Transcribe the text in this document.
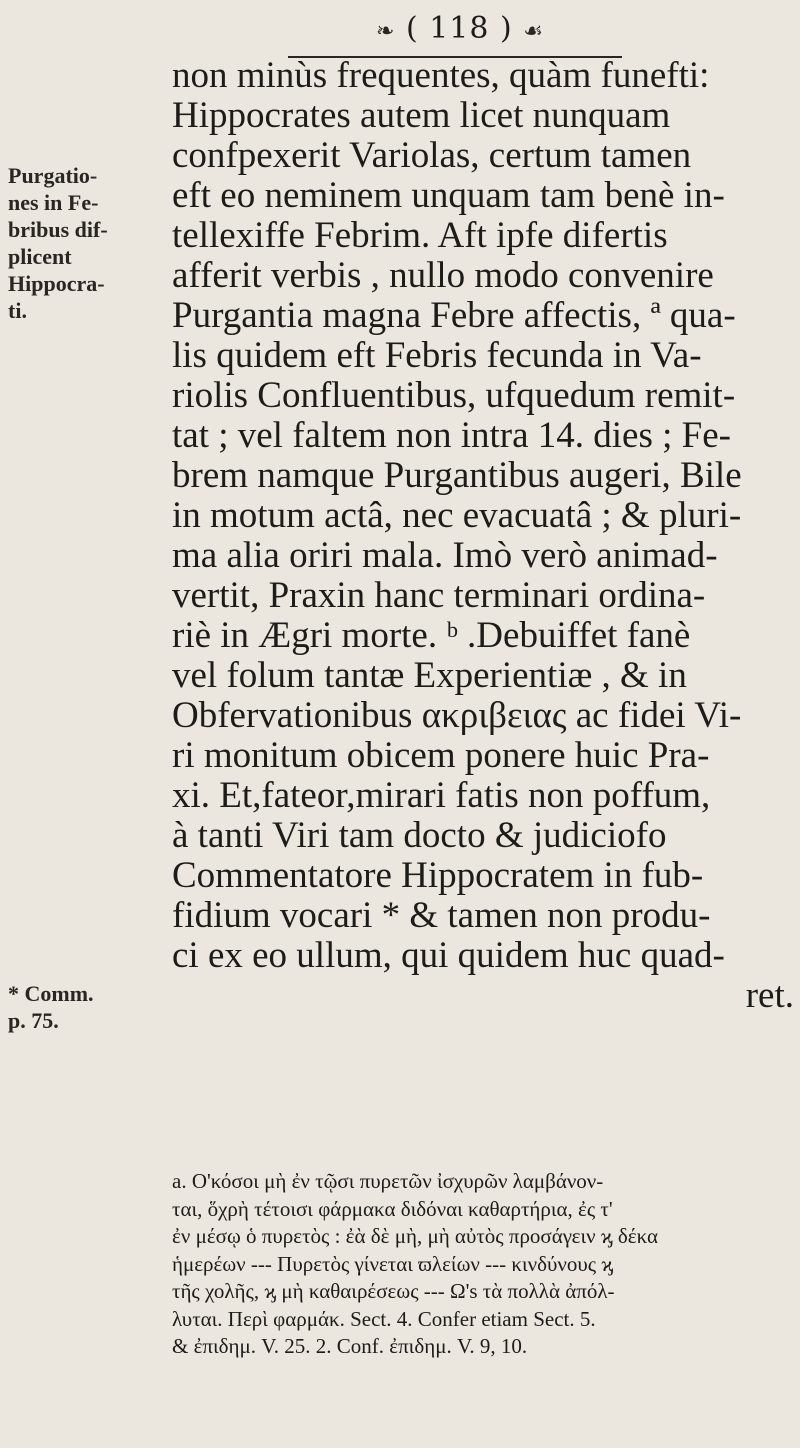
❧ ( 118 ) ☙
Purgatio-
nes in Fe-
bribus dif-
plicent
Hippocra-
ti.
* Comm.
p. 75.
non minùs frequentes, quàm funefti:
Hippocrates autem licet nunquam
confpexerit Variolas, certum tamen
eft eo neminem unquam tam benè in-
tellexiffe Febrim. Aft ipfe difertis
afferit verbis , nullo modo convenire
Purgantia magna Febre affectis, ª qua-
lis quidem eft Febris fecunda in Va-
riolis Confluentibus, ufquedum remit-
tat ; vel faltem non intra 14. dies ; Fe-
brem namque Purgantibus augeri, Bile
in motum actâ, nec evacuatâ ; & pluri-
ma alia oriri mala. Imò verò animad-
vertit, Praxin hanc terminari ordina-
riè in Ægri morte. ᵇ .Debuiffet fanè
vel folum tantæ Experientiæ , & in
Obfervationibus ακριβειας ac fidei Vi-
ri monitum obicem ponere huic Pra-
xi. Et,fateor,mirari fatis non poffum,
à tanti Viri tam docto & judiciofo
Commentatore Hippocratem in fub-
fidium vocari * & tamen non produ-
ci ex eo ullum, qui quidem huc quad-
ret.
a. Ο'κόσοι μὴ ἐν τῷσι πυρετῶν ἰσχυρῶν λαμβάνον-
ται, ὅχρὴ τέτοισι φάρμακα διδόναι καθαρτήρια, ἐς τ'
ἐν μέσῳ ὁ πυρετὸς : ἐὰ δὲ μὴ, μὴ αὐτὸς προσάγειν ϗ δέκα
ἡμερέων --- Πυρετὸς γίνεται ϖλείων --- κινδύνους ϗ
τῆς χολῆς, ϗ μὴ καθαιρέσεως --- Ω's τὰ πολλὰ ἀπόλ-
λυται. Περὶ φαρμάκ. Sect. 4. Confer etiam Sect. 5.
& ἐπιδημ. V. 25. 2. Conf. ἐπιδημ. V. 9, 10.
